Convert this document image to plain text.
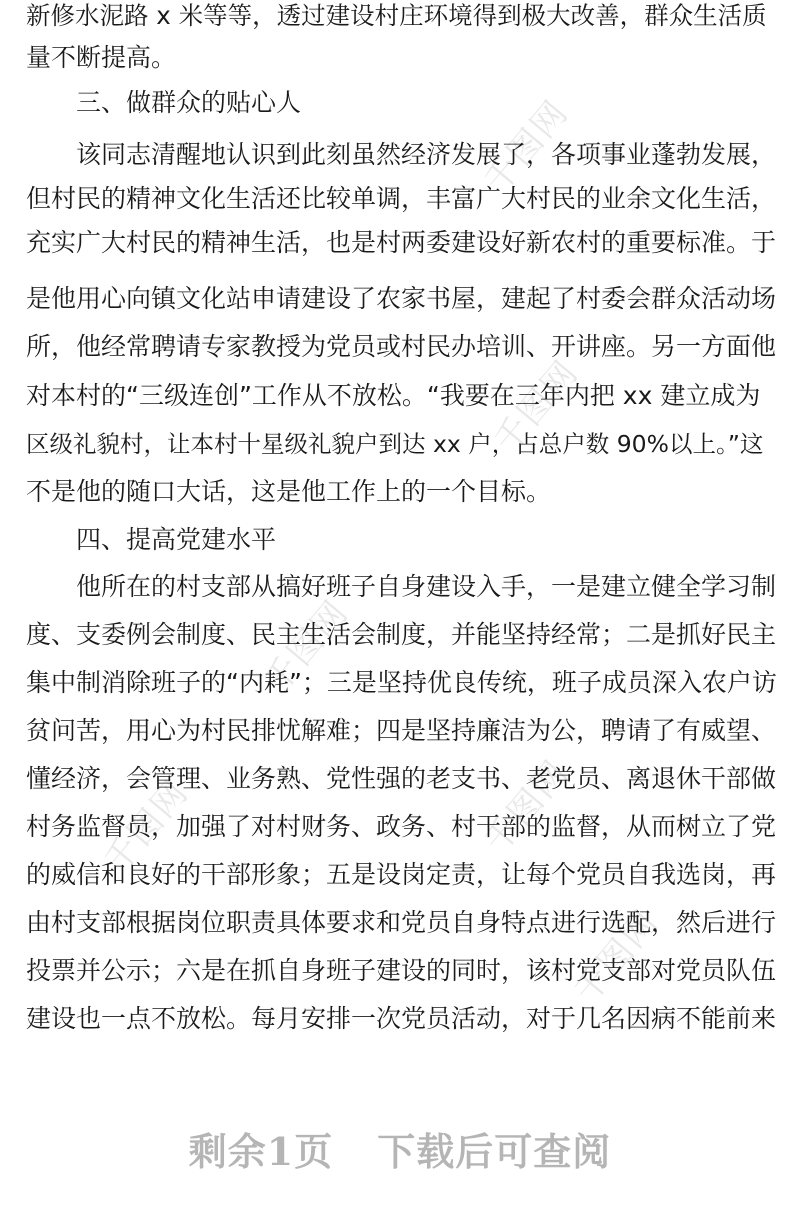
千图网
千图网
千图网
千图网
千图网
千图网
新修水泥路 x 米等等，透过建设村庄环境得到极大改善，群众生活质
量不断提高。
三、做群众的贴心人
该同志清醒地认识到此刻虽然经济发展了，各项事业蓬勃发展，
但村民的精神文化生活还比较单调，丰富广大村民的业余文化生活，
充实广大村民的精神生活，也是村两委建设好新农村的重要标准。于
是他用心向镇文化站申请建设了农家书屋，建起了村委会群众活动场
所，他经常聘请专家教授为党员或村民办培训、开讲座。另一方面他
对本村的“三级连创”工作从不放松。“我要在三年内把 xx 建立成为
区级礼貌村，让本村十星级礼貌户到达 xx 户，占总户数 90%以上。”这
不是他的随口大话，这是他工作上的一个目标。
四、提高党建水平
他所在的村支部从搞好班子自身建设入手，一是建立健全学习制
度、支委例会制度、民主生活会制度，并能坚持经常；二是抓好民主
集中制消除班子的“内耗”；三是坚持优良传统，班子成员深入农户访
贫问苦，用心为村民排忧解难；四是坚持廉洁为公，聘请了有威望、
懂经济，会管理、业务熟、党性强的老支书、老党员、离退休干部做
村务监督员，加强了对村财务、政务、村干部的监督，从而树立了党
的威信和良好的干部形象；五是设岗定责，让每个党员自我选岗，再
由村支部根据岗位职责具体要求和党员自身特点进行选配，然后进行
投票并公示；六是在抓自身班子建设的同时，该村党支部对党员队伍
建设也一点不放松。每月安排一次党员活动，对于几名因病不能前来
剩余1页 下载后可查阅
